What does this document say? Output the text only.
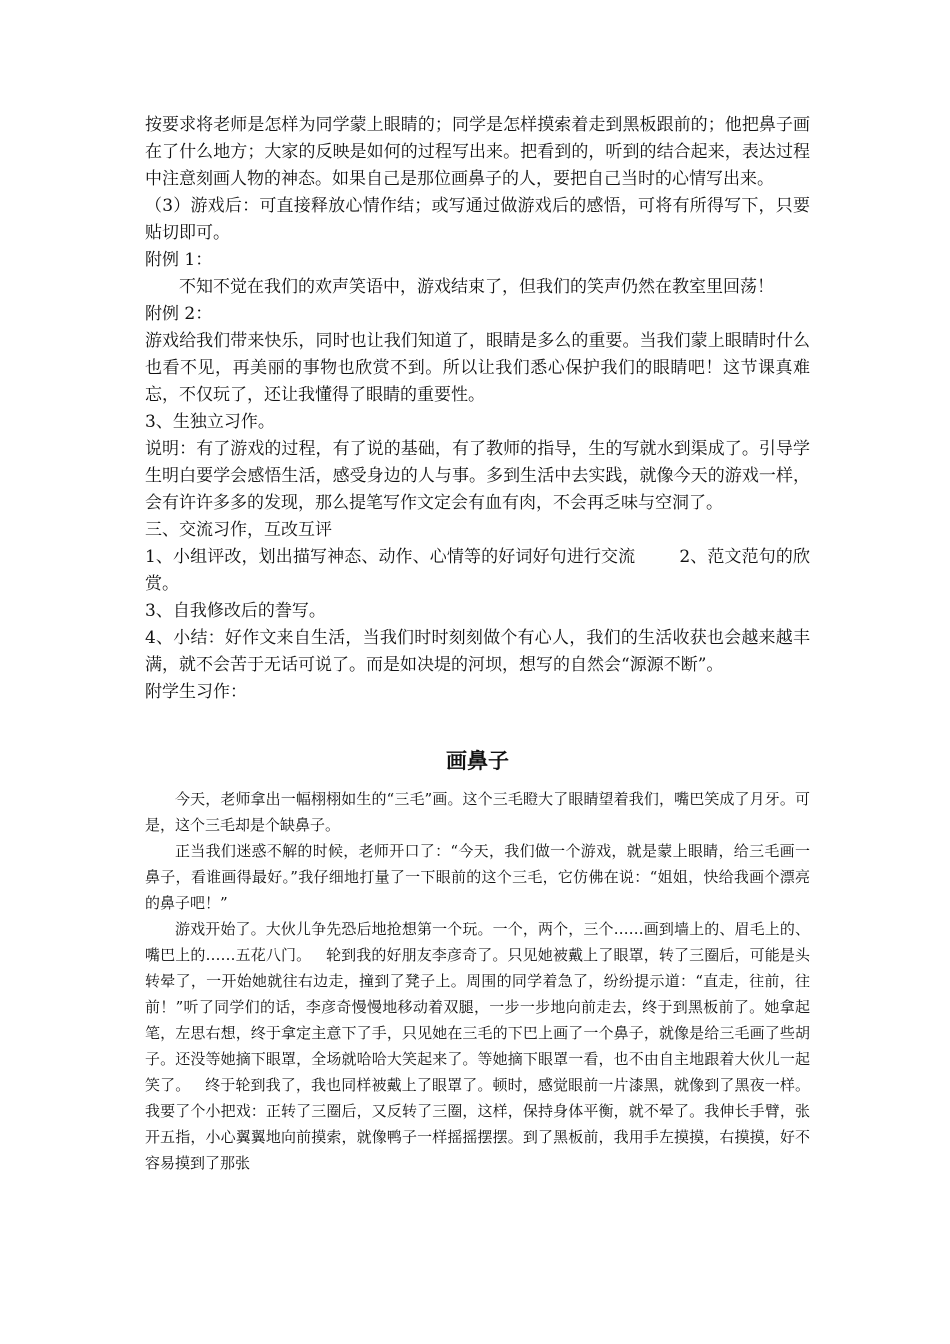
按要求将老师是怎样为同学蒙上眼睛的；同学是怎样摸索着走到黑板跟前的；他把鼻子画在了什么地方；大家的反映是如何的过程写出来。把看到的，听到的结合起来，表达过程中注意刻画人物的神态。如果自己是那位画鼻子的人，要把自己当时的心情写出来。

（3）游戏后：可直接释放心情作结；或写通过做游戏后的感悟，可将有所得写下，只要贴切即可。

附例 1：

不知不觉在我们的欢声笑语中，游戏结束了，但我们的笑声仍然在教室里回荡！

附例 2：

游戏给我们带来快乐，同时也让我们知道了，眼睛是多么的重要。当我们蒙上眼睛时什么也看不见，再美丽的事物也欣赏不到。所以让我们悉心保护我们的眼睛吧！这节课真难忘，不仅玩了，还让我懂得了眼睛的重要性。

3、生独立习作。

说明：有了游戏的过程，有了说的基础，有了教师的指导，生的写就水到渠成了。引导学生明白要学会感悟生活，感受身边的人与事。多到生活中去实践，就像今天的游戏一样，会有许许多多的发现，那么提笔写作文定会有血有肉，不会再乏味与空洞了。

三、交流习作，互改互评

1、小组评改，划出描写神态、动作、心情等的好词好句进行交流        2、范文范句的欣赏。

3、自我修改后的誊写。

4、小结：好作文来自生活，当我们时时刻刻做个有心人，我们的生活收获也会越来越丰满，就不会苦于无话可说了。而是如决堤的河坝，想写的自然会“源源不断”。

附学生习作：

画鼻子

今天，老师拿出一幅栩栩如生的“三毛”画。这个三毛瞪大了眼睛望着我们，嘴巴笑成了月牙。可是，这个三毛却是个缺鼻子。

正当我们迷惑不解的时候，老师开口了：“今天，我们做一个游戏，就是蒙上眼睛，给三毛画一鼻子，看谁画得最好。”我仔细地打量了一下眼前的这个三毛，它仿佛在说：“姐姐，快给我画个漂亮的鼻子吧！”

游戏开始了。大伙儿争先恐后地抢想第一个玩。一个，两个，三个……画到墙上的、眉毛上的、嘴巴上的……五花八门。   轮到我的好朋友李彦奇了。只见她被戴上了眼罩，转了三圈后，可能是头转晕了，一开始她就往右边走，撞到了凳子上。周围的同学着急了，纷纷提示道：“直走，往前，往前！”听了同学们的话，李彦奇慢慢地移动着双腿，一步一步地向前走去，终于到黑板前了。她拿起笔，左思右想，终于拿定主意下了手，只见她在三毛的下巴上画了一个鼻子，就像是给三毛画了些胡子。还没等她摘下眼罩，全场就哈哈大笑起来了。等她摘下眼罩一看，也不由自主地跟着大伙儿一起笑了。   终于轮到我了，我也同样被戴上了眼罩了。顿时，感觉眼前一片漆黑，就像到了黑夜一样。我要了个小把戏：正转了三圈后，又反转了三圈，这样，保持身体平衡，就不晕了。我伸长手臂，张开五指，小心翼翼地向前摸索，就像鸭子一样摇摇摆摆。到了黑板前，我用手左摸摸，右摸摸，好不容易摸到了那张
